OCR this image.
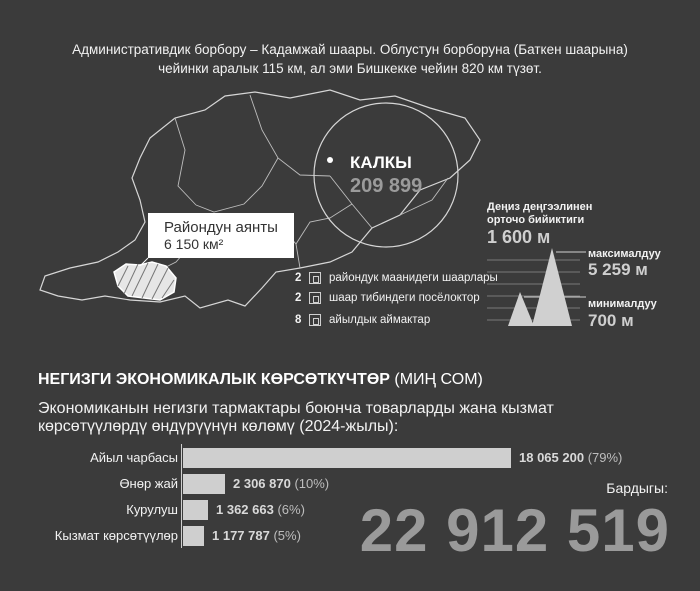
Административдик борбору – Кадамжай шаары. Облустун борборуна (Баткен шаарына)
чейинки аралык 115 км, ал эми Бишкекке чейин 820 км түзөт.
КАЛКЫ
209 899
Райондун аянты
6 150 км²
2	райондук маанидеги шаарлары
2	шаар тибиндеги посёлоктор
8	айылдык аймактар
Деңиз деңгээлинен
орточо бийиктиги
1 600 м
максималдуу
5 259 м
минималдуу
700 м
НЕГИЗГИ ЭКОНОМИКАЛЫК КӨРСӨТКҮЧТӨР (МИҢ СОМ)
Экономиканын негизги тармактары боюнча товарларды жана кызмат көрсөтүүлөрдү өндүрүүнүн көлөмү (2024-жылы):
Айыл чарбасы	18 065 200 (79%)
Өнөр жай	2 306 870 (10%)
Курулуш	1 362 663 (6%)
Кызмат көрсөтүүлөр	1 177 787 (5%)
Бардыгы:
22 912 519
